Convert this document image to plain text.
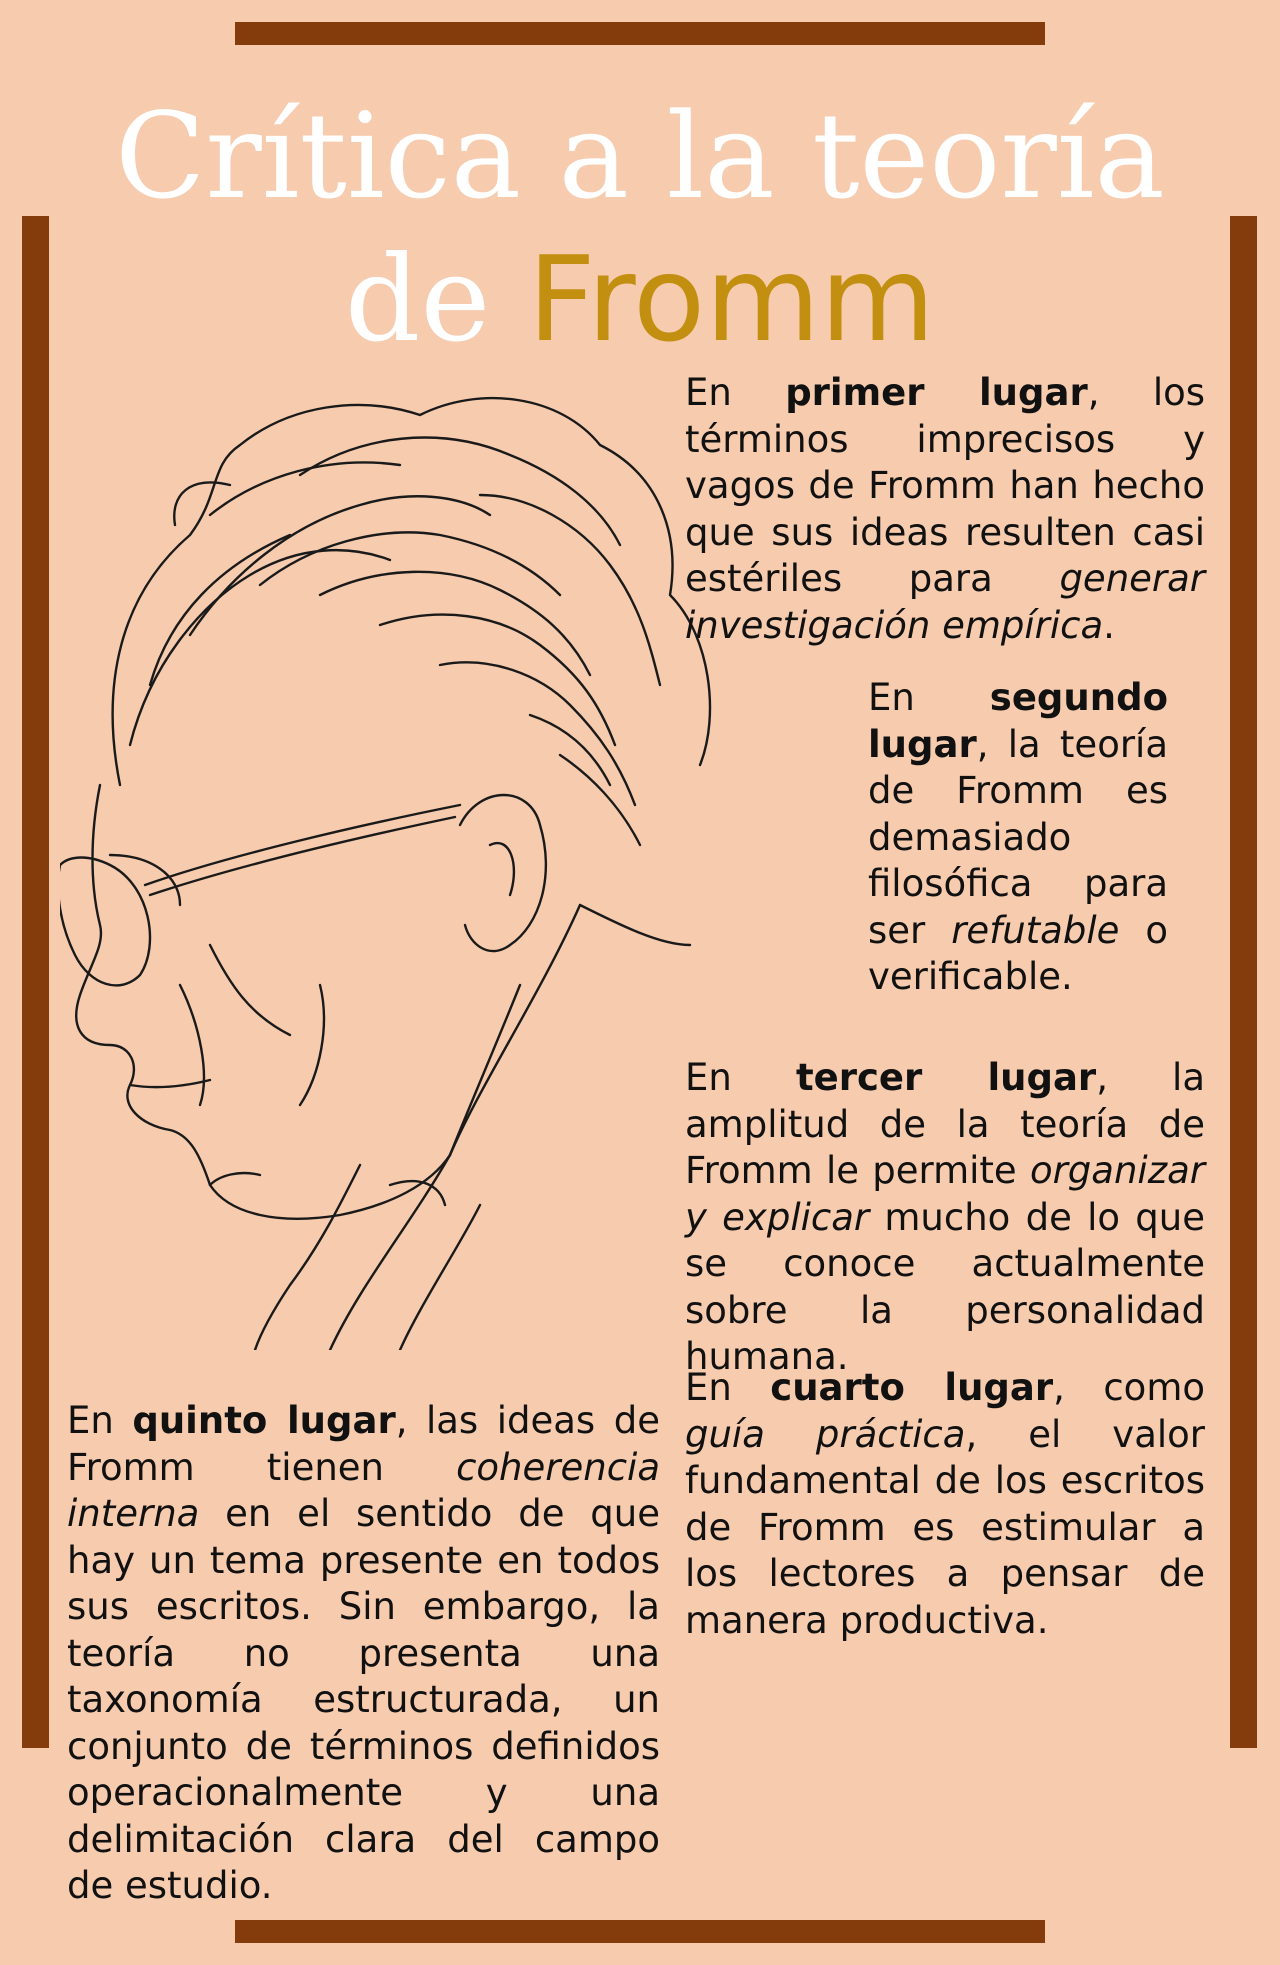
Crítica a la teoría
de Fromm

En primer lugar, los términos imprecisos y vagos de Fromm han hecho que sus ideas resulten casi estériles para generar investigación empírica.

En segundo lugar, la teoría de Fromm es demasiado filosófica para ser refutable o verificable.

En tercer lugar, la amplitud de la teoría de Fromm le permite organizar y explicar mucho de lo que se conoce actualmente sobre la personalidad humana.

En cuarto lugar, como guía práctica, el valor fundamental de los escritos de Fromm es estimular a los lectores a pensar de manera productiva.

En quinto lugar, las ideas de Fromm tienen coherencia interna en el sentido de que hay un tema presente en todos sus escritos. Sin embargo, la teoría no presenta una taxonomía estructurada, un conjunto de términos definidos operacionalmente y una delimitación clara del campo de estudio.
